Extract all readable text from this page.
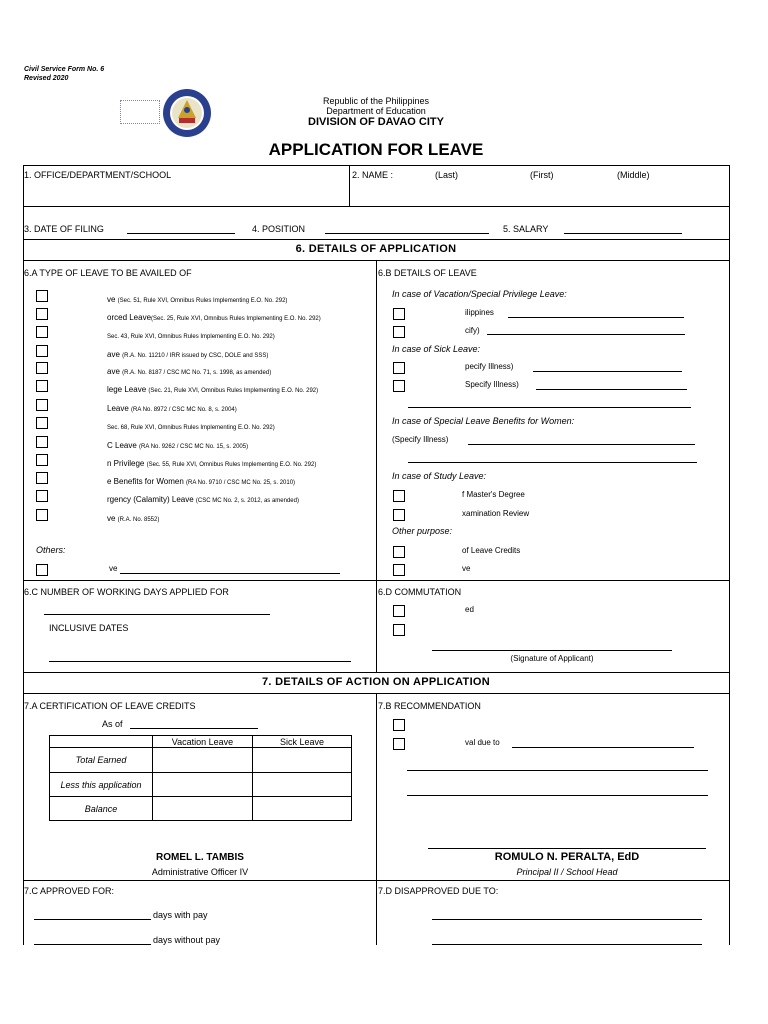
Civil Service Form No. 6
Revised 2020
Republic of the Philippines
Department of Education
DIVISION OF DAVAO CITY
APPLICATION FOR LEAVE
1. OFFICE/DEPARTMENT/SCHOOL	2. NAME :	(Last)	(First)	(Middle)
3. DATE OF FILING	4. POSITION	5. SALARY
6. DETAILS OF APPLICATION
6.A TYPE OF LEAVE TO BE AVAILED OF
ve (Sec. 51, Rule XVI, Omnibus Rules Implementing E.O. No. 292)
orced Leave(Sec. 25, Rule XVI, Omnibus Rules Implementing E.O. No. 292)
Sec. 43, Rule XVI, Omnibus Rules Implementing E.O. No. 292)
ave (R.A. No. 11210 / IRR issued by CSC, DOLE and SSS)
ave (R.A. No. 8187 / CSC MC No. 71, s. 1998, as amended)
lege Leave (Sec. 21, Rule XVI, Omnibus Rules Implementing E.O. No. 292)
Leave (RA No. 8972 / CSC MC No. 8, s. 2004)
Sec. 68, Rule XVI, Omnibus Rules Implementing E.O. No. 292)
C Leave (RA No. 9262 / CSC MC No. 15, s. 2005)
n Privilege (Sec. 55, Rule XVI, Omnibus Rules Implementing E.O. No. 292)
e Benefits for Women (RA No. 9710 / CSC MC No. 25, s. 2010)
rgency (Calamity) Leave (CSC MC No. 2, s. 2012, as amended)
ve (R.A. No. 8552)
Others:
ve
6.B DETAILS OF LEAVE
In case of Vacation/Special Privilege Leave:
ilippines
cify)
In case of Sick Leave:
pecify Illness)
Specify Illness)
In case of Special Leave Benefits for Women:
(Specify Illness)
In case of Study Leave:
f Master's Degree
xamination Review
Other purpose:
of Leave Credits
ve
6.C NUMBER OF WORKING DAYS APPLIED FOR
INCLUSIVE DATES
6.D COMMUTATION
ed
(Signature of Applicant)
7. DETAILS OF ACTION ON APPLICATION
7.A CERTIFICATION OF LEAVE CREDITS
As of
	Vacation Leave	Sick Leave
Total Earned		
Less this application		
Balance		
ROMEL L. TAMBIS
Administrative Officer IV
7.B RECOMMENDATION
val due to
ROMULO N. PERALTA, EdD
Principal II / School Head
7.C APPROVED FOR:
days with pay
days without pay
7.D DISAPPROVED DUE TO:
